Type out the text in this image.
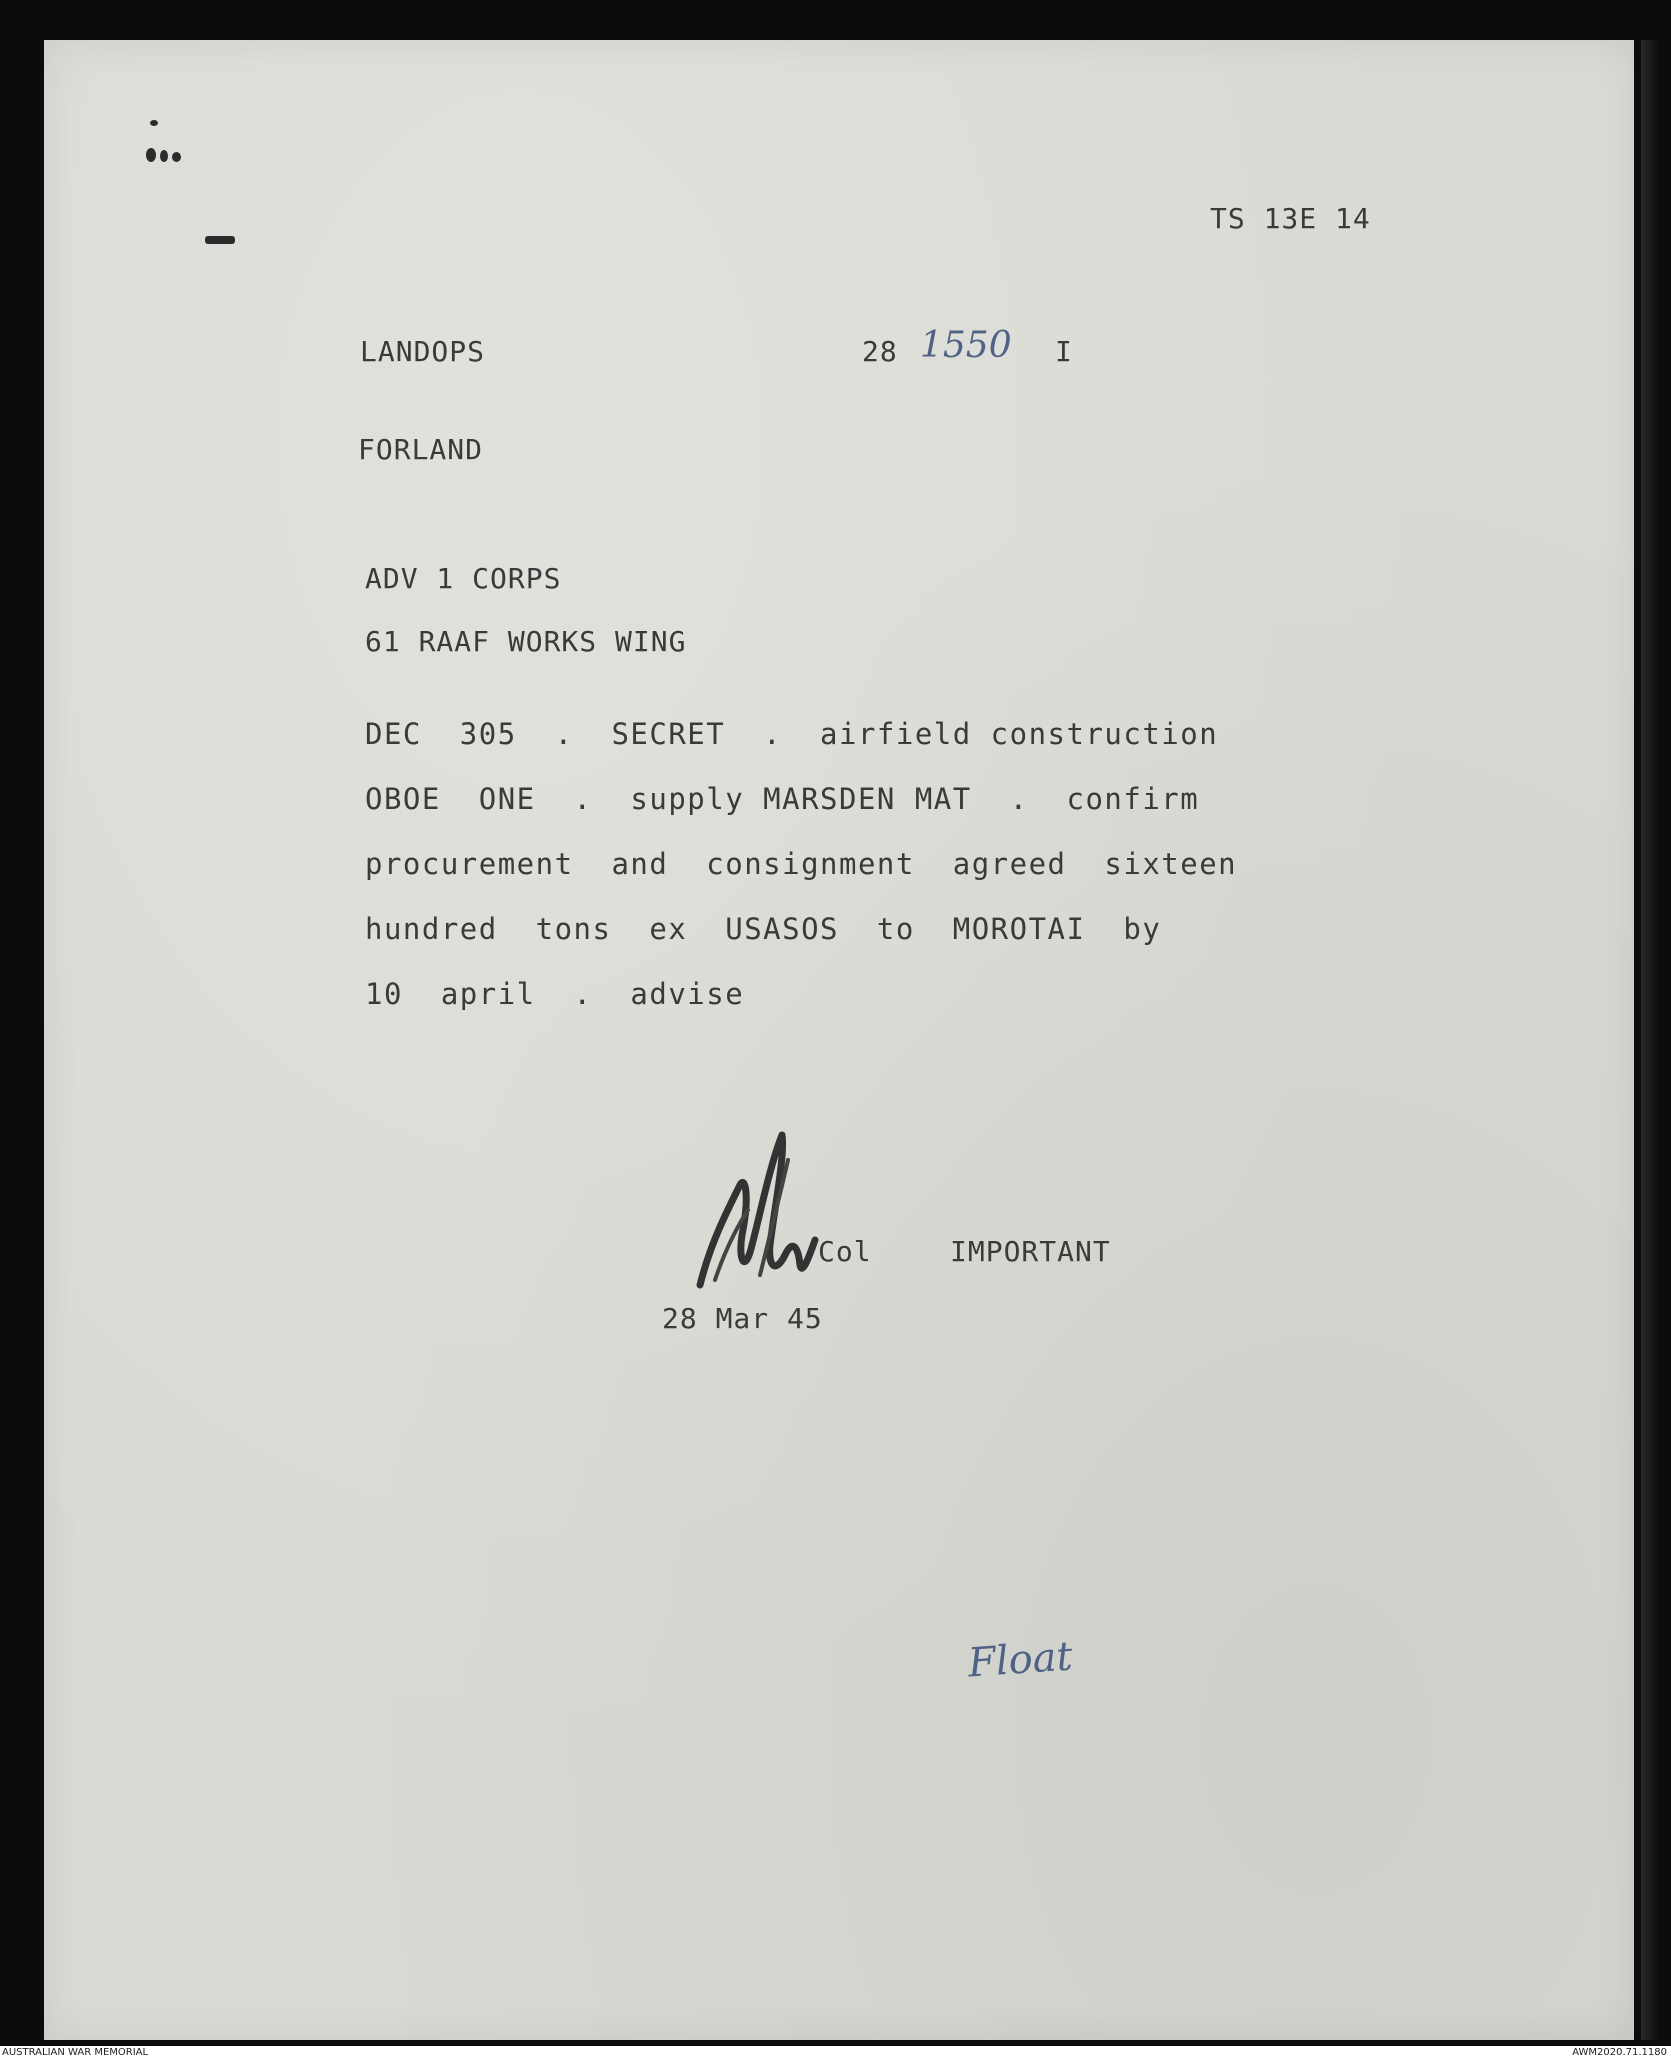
TS 13E 14
LANDOPS	28 1550 I
FORLAND
ADV 1 CORPS
61 RAAF WORKS WING
DEC  305  .  SECRET  .  airfield construction
OBOE  ONE  .  supply MARSDEN MAT  .  confirm
procurement  and  consignment  agreed  sixteen
hundred  tons  ex  USASOS  to  MOROTAI  by
10  april  .  advise
Col	IMPORTANT
28 Mar 45
Float
AUSTRALIAN WAR MEMORIAL	AWM2020.71.1180
